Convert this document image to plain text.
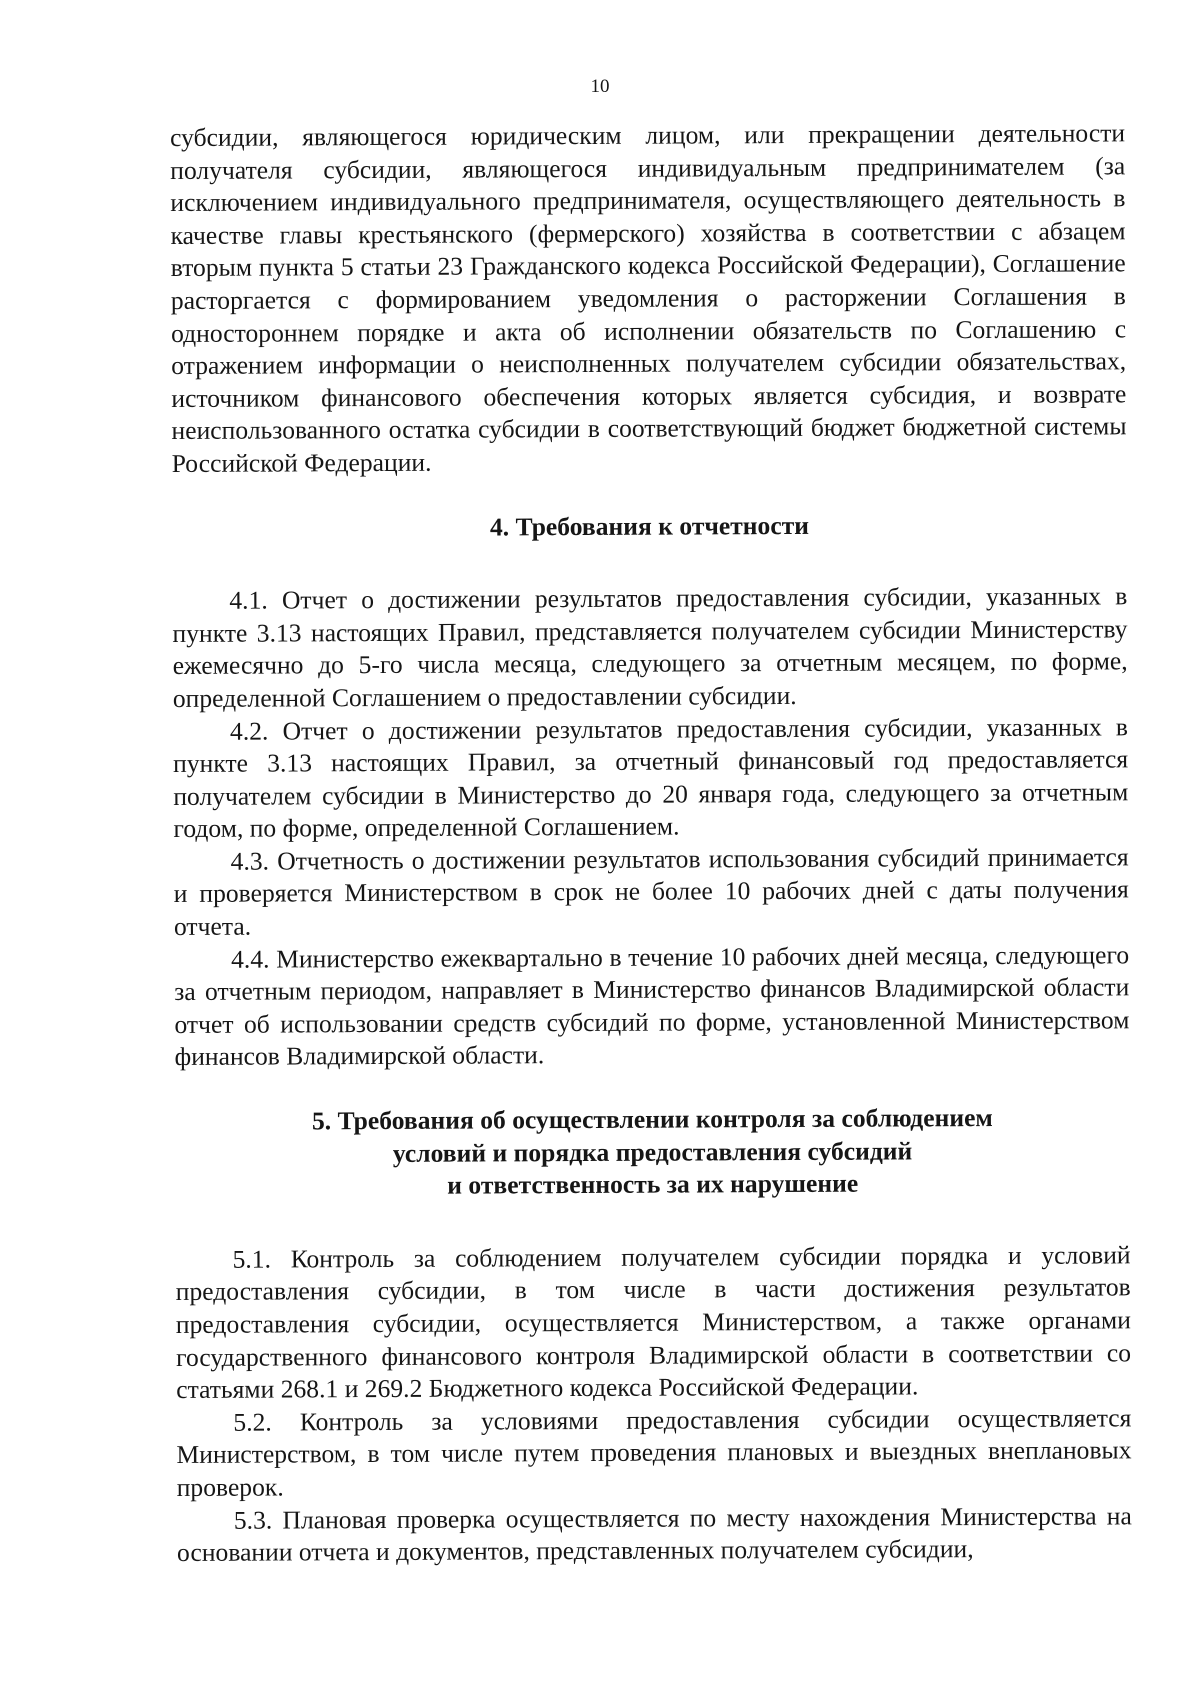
10

субсидии, являющегося юридическим лицом, или прекращении деятельности получателя субсидии, являющегося индивидуальным предпринимателем (за исключением индивидуального предпринимателя, осуществляющего деятельность в качестве главы крестьянского (фермерского) хозяйства в соответствии с абзацем вторым пункта 5 статьи 23 Гражданского кодекса Российской Федерации), Соглашение расторгается с формированием уведомления о расторжении Соглашения в одностороннем порядке и акта об исполнении обязательств по Соглашению с отражением информации о неисполненных получателем субсидии обязательствах, источником финансового обеспечения которых является субсидия, и возврате неиспользованного остатка субсидии в соответствующий бюджет бюджетной системы Российской Федерации.

4. Требования к отчетности

4.1. Отчет о достижении результатов предоставления субсидии, указанных в пункте 3.13 настоящих Правил, представляется получателем субсидии Министерству ежемесячно до 5-го числа месяца, следующего за отчетным месяцем, по форме, определенной Соглашением о предоставлении субсидии.

4.2. Отчет о достижении результатов предоставления субсидии, указанных в пункте 3.13 настоящих Правил, за отчетный финансовый год предоставляется получателем субсидии в Министерство до 20 января года, следующего за отчетным годом, по форме, определенной Соглашением.

4.3. Отчетность о достижении результатов использования субсидий принимается и проверяется Министерством в срок не более 10 рабочих дней с даты получения отчета.

4.4. Министерство ежеквартально в течение 10 рабочих дней месяца, следующего за отчетным периодом, направляет в Министерство финансов Владимирской области отчет об использовании средств субсидий по форме, установленной Министерством финансов Владимирской области.

5. Требования об осуществлении контроля за соблюдением
условий и порядка предоставления субсидий
и ответственность за их нарушение

5.1. Контроль за соблюдением получателем субсидии порядка и условий предоставления субсидии, в том числе в части достижения результатов предоставления субсидии, осуществляется Министерством, а также органами государственного финансового контроля Владимирской области в соответствии со статьями 268.1 и 269.2 Бюджетного кодекса Российской Федерации.

5.2. Контроль за условиями предоставления субсидии осуществляется Министерством, в том числе путем проведения плановых и выездных внеплановых проверок.

5.3. Плановая проверка осуществляется по месту нахождения Министерства на основании отчета и документов, представленных получателем субсидии,
